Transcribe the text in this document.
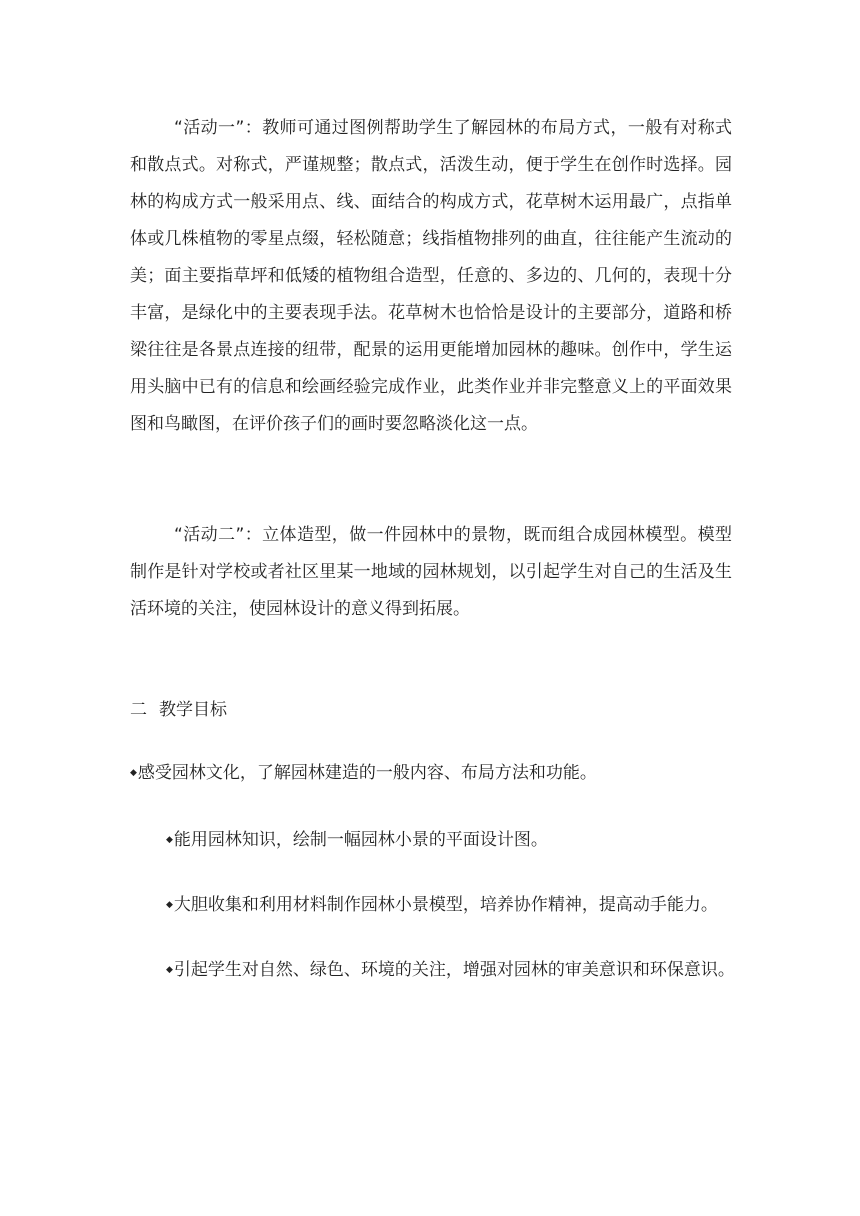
“活动一”：教师可通过图例帮助学生了解园林的布局方式，一般有对称式和散点式。对称式，严谨规整；散点式，活泼生动，便于学生在创作时选择。园林的构成方式一般采用点、线、面结合的构成方式，花草树木运用最广，点指单体或几株植物的零星点缀，轻松随意；线指植物排列的曲直，往往能产生流动的美；面主要指草坪和低矮的植物组合造型，任意的、多边的、几何的，表现十分丰富，是绿化中的主要表现手法。花草树木也恰恰是设计的主要部分，道路和桥梁往往是各景点连接的纽带，配景的运用更能增加园林的趣味。创作中，学生运用头脑中已有的信息和绘画经验完成作业，此类作业并非完整意义上的平面效果图和鸟瞰图，在评价孩子们的画时要忽略淡化这一点。

“活动二”：立体造型，做一件园林中的景物，既而组合成园林模型。模型制作是针对学校或者社区里某一地域的园林规划，以引起学生对自己的生活及生活环境的关注，使园林设计的意义得到拓展。

二 教学目标
◆感受园林文化，了解园林建造的一般内容、布局方法和功能。
◆能用园林知识，绘制一幅园林小景的平面设计图。
◆大胆收集和利用材料制作园林小景模型，培养协作精神，提高动手能力。
◆引起学生对自然、绿色、环境的关注，增强对园林的审美意识和环保意识。
